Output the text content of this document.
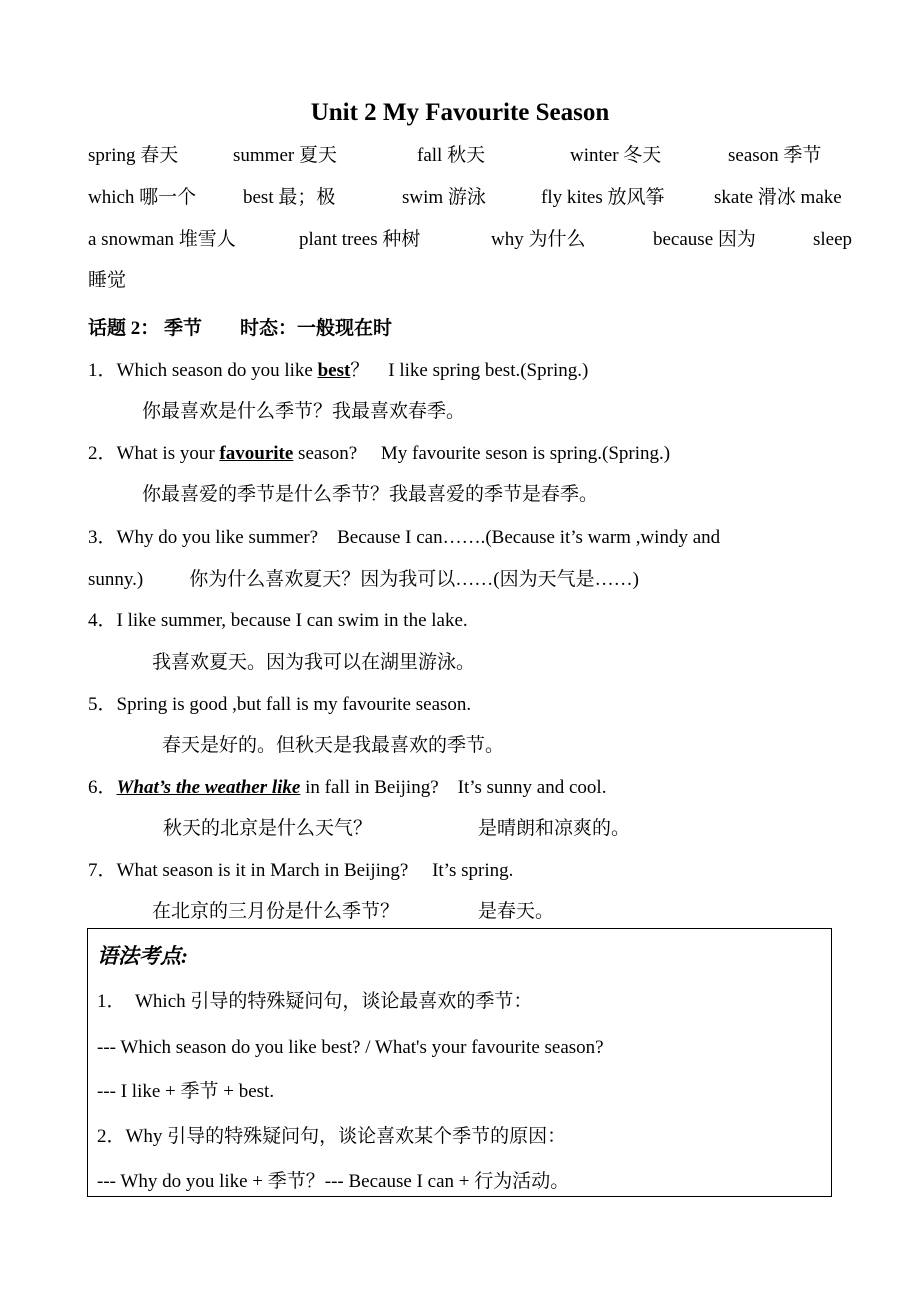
Unit 2 My Favourite Season
spring 春天	summer 夏天	fall 秋天	winter 冬天	season 季节
which 哪一个 best 最；极	swim 游泳	fly kites 放风筝	skate 滑冰 make
a snowman 堆雪人	plant trees 种树	why 为什么	because 因为	sleep
睡觉
话题 2： 季节　　时态：一般现在时
1．Which season do you like best？　I like spring best.(Spring.)
你最喜欢是什么季节？我最喜欢春季。
2．What is your favourite season?　 My favourite seson is spring.(Spring.)
你最喜爱的季节是什么季节？我最喜爱的季节是春季。
3．Why do you like summer?　Because I can…….(Because it’s warm ,windy and
sunny.) 你为什么喜欢夏天？因为我可以……(因为天气是……)
4．I like summer, because I can swim in the lake.
我喜欢夏天。因为我可以在湖里游泳。
5．Spring is good ,but fall is my favourite season.
春天是好的。但秋天是我最喜欢的季节。
6．What’s the weather like in fall in Beijing?　It’s sunny and cool.
秋天的北京是什么天气？	是晴朗和凉爽的。
7．What season is it in March in Beijing?　 It’s spring.
在北京的三月份是什么季节？	是春天。
语法考点:
1．　Which 引导的特殊疑问句，谈论最喜欢的季节：
--- Which season do you like best? / What's your favourite season?
--- I like + 季节 + best.
2．Why 引导的特殊疑问句，谈论喜欢某个季节的原因：
--- Why do you like + 季节？--- Because I can + 行为活动。
